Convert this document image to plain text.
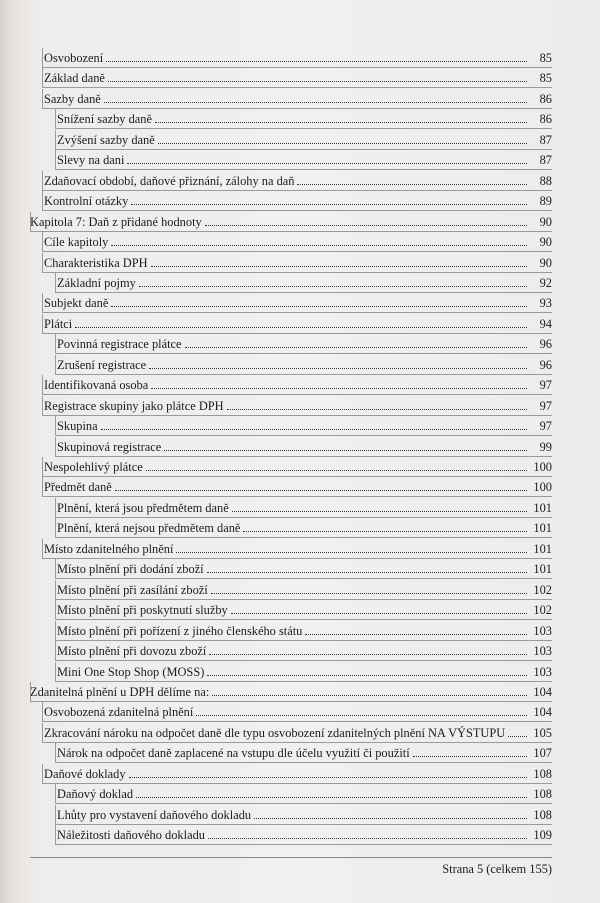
Osvobození	85
Základ daně	85
Sazby daně	86
Snížení sazby daně	86
Zvýšení sazby daně	87
Slevy na dani	87
Zdaňovací období, daňové přiznání, zálohy na daň	88
Kontrolní otázky	89
Kapitola 7: Daň z přidané hodnoty	90
Cíle kapitoly	90
Charakteristika DPH	90
Základní pojmy	92
Subjekt daně	93
Plátci	94
Povinná registrace plátce	96
Zrušení registrace	96
Identifikovaná osoba	97
Registrace skupiny jako plátce DPH	97
Skupina	97
Skupinová registrace	99
Nespolehlivý plátce	100
Předmět daně	100
Plnění, která jsou předmětem daně	101
Plnění, která nejsou předmětem daně	101
Místo zdanitelného plnění	101
Místo plnění při dodání zboží	101
Místo plnění při zasílání zboží	102
Místo plnění při poskytnutí služby	102
Místo plnění při pořízení z jiného členského státu	103
Místo plnění při dovozu zboží	103
Mini One Stop Shop (MOSS)	103
Zdanitelná plnění u DPH dělíme na:	104
Osvobozená zdanitelná plnění	104
Zkracování nároku na odpočet daně dle typu osvobození zdanitelných plnění NA VÝSTUPU 105
Nárok na odpočet daně zaplacené na vstupu dle účelu využití či použití	107
Daňové doklady	108
Daňový doklad	108
Lhůty pro vystavení daňového dokladu	108
Náležitosti daňového dokladu	109
Strana 5 (celkem 155)
